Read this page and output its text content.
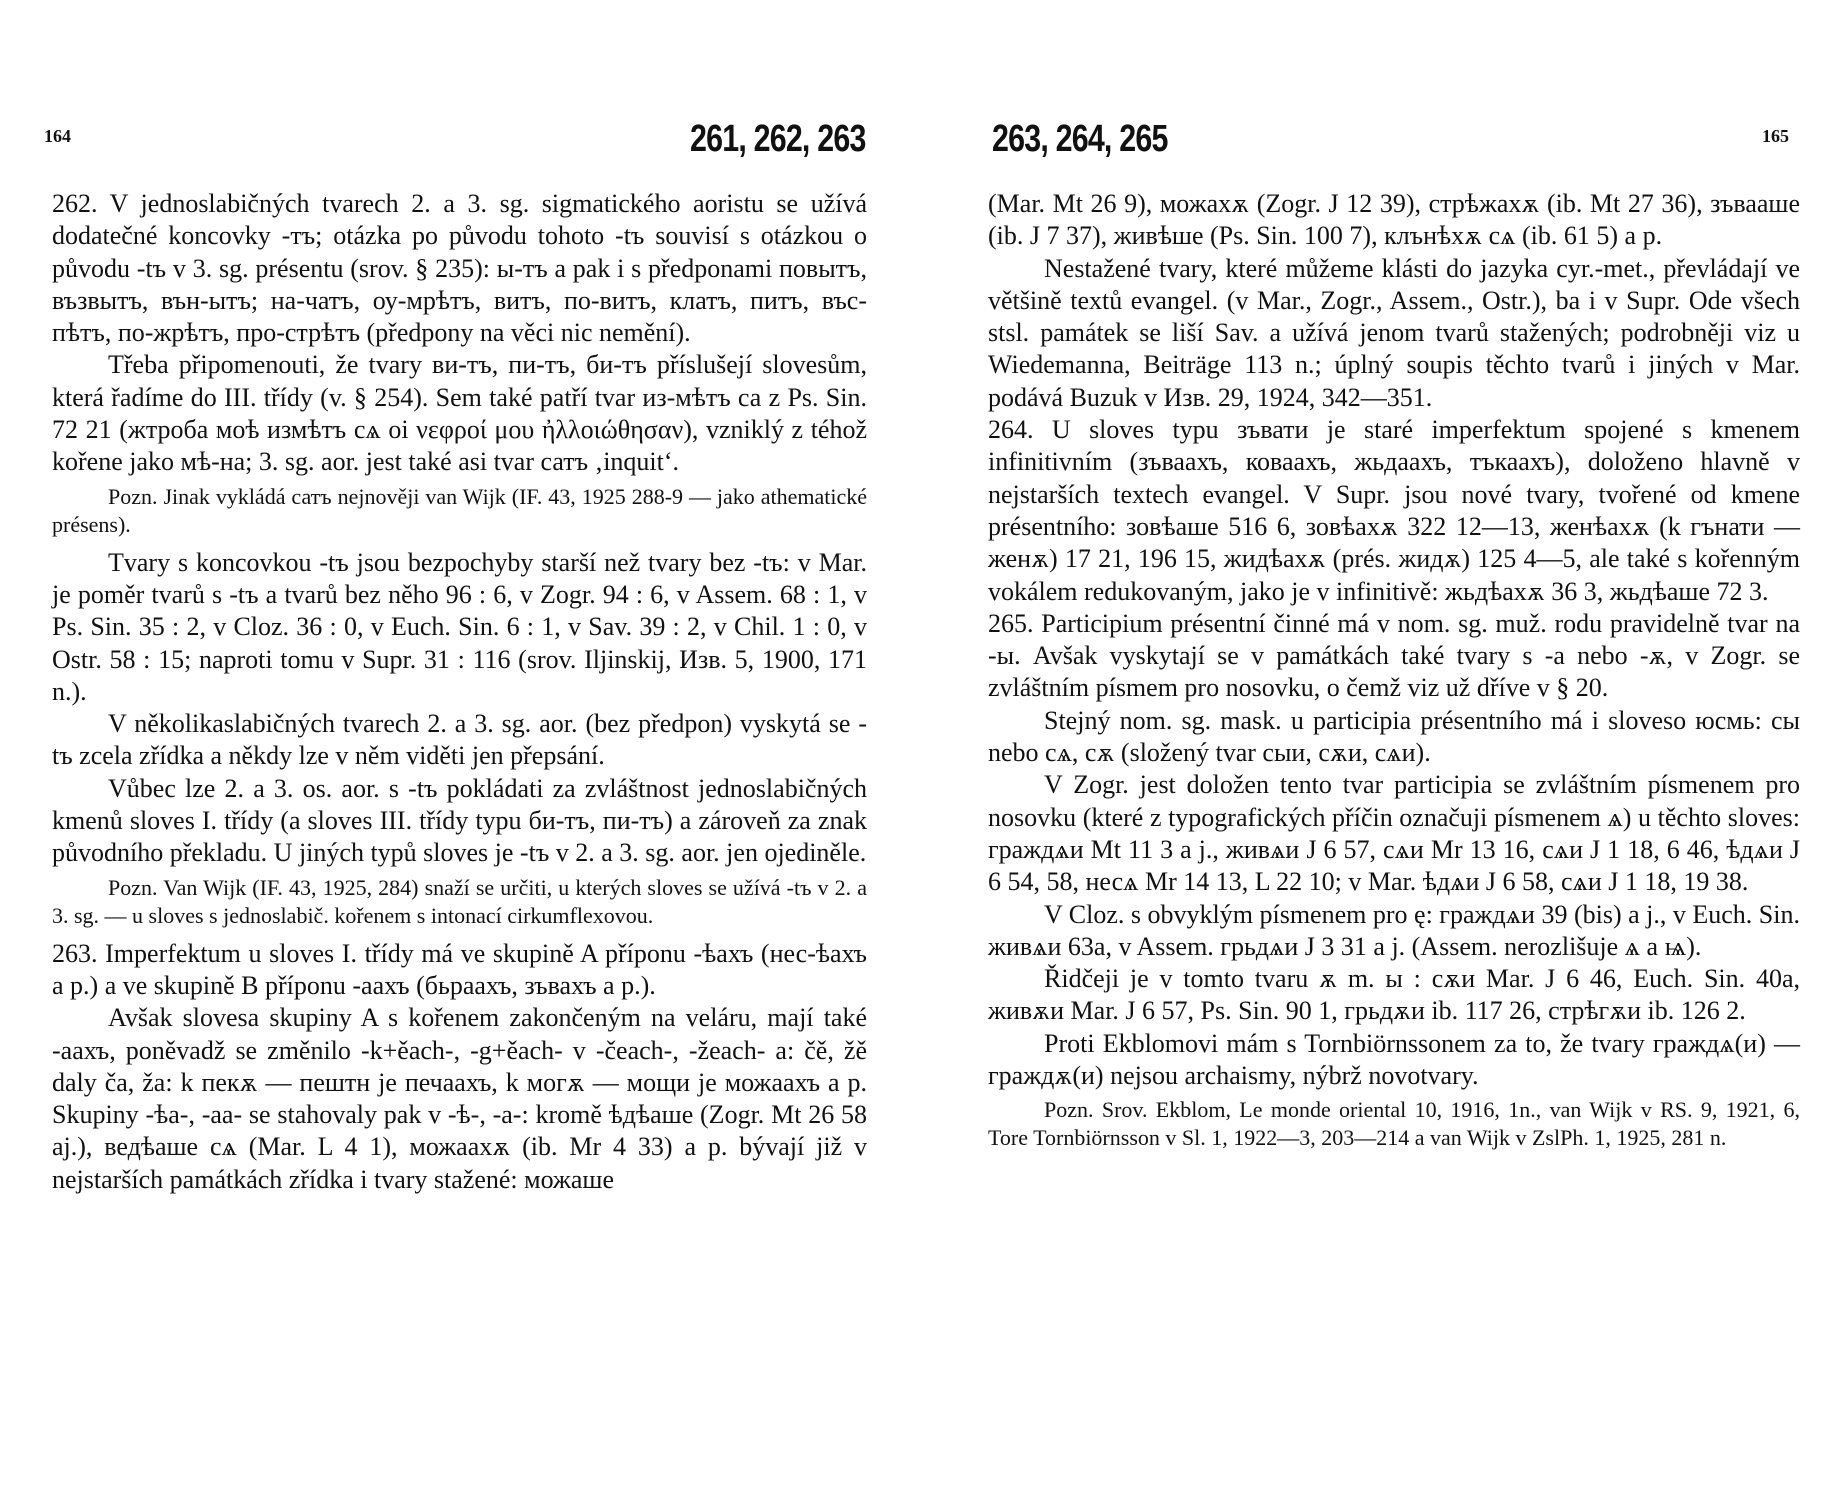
164	261, 262, 263

262. V jednoslabičných tvarech 2. a 3. sg. sigmatického aoristu se užívá dodatečné koncovky -тъ; otázka po původu tohoto -tъ souvisí s otázkou o původu -tъ v 3. sg. présentu (srov. § 235): ы-тъ a pak i s předponami повытъ, възвытъ, вън-ытъ; на-чатъ, оу-мрѣтъ, витъ, по-витъ, клатъ, питъ, въс-пѣтъ, по-жрѣтъ, про-стрѣтъ (předpony na věci nic nemění).

Třeba připomenouti, že tvary ви-тъ, пи-тъ, би-тъ příslušejí slovesům, která řadíme do III. třídy (v. § 254). Sem také patří tvar из-мѣтъ са z Ps. Sin. 72 21 (жтроба моѣ измѣтъ сѧ oi νεφροί μου ἠλλοιώθησαν), vzniklý z téhož kořene jako мѣ-на; 3. sg. aor. jest také asi tvar сатъ ‚inquit‘.

Pozn. Jinak vykládá сатъ nejnověji van Wijk (IF. 43, 1925 288-9 — jako athematické présens).

Tvary s koncovkou -tъ jsou bezpochyby starší než tvary bez -tъ: v Mar. je poměr tvarů s -tъ a tvarů bez něho 96 : 6, v Zogr. 94 : 6, v Assem. 68 : 1, v Ps. Sin. 35 : 2, v Cloz. 36 : 0, v Euch. Sin. 6 : 1, v Sav. 39 : 2, v Chil. 1 : 0, v Ostr. 58 : 15; naproti tomu v Supr. 31 : 116 (srov. Iljinskij, Изв. 5, 1900, 171 n.).

V několikaslabičných tvarech 2. a 3. sg. aor. (bez předpon) vyskytá se -tъ zcela zřídka a někdy lze v něm viděti jen přepsání.

Vůbec lze 2. a 3. os. aor. s -tъ pokládati za zvláštnost jednoslabičných kmenů sloves I. třídy (a sloves III. třídy typu би-тъ, пи-тъ) a zároveň za znak původního překladu. U jiných typů sloves je -tъ v 2. a 3. sg. aor. jen ojediněle.

Pozn. Van Wijk (IF. 43, 1925, 284) snaží se určiti, u kterých sloves se užívá -tъ v 2. a 3. sg. — u sloves s jednoslabič. kořenem s intonací cirkumflexovou.

263. Imperfektum u sloves I. třídy má ve skupině A příponu -ѣахъ (нес-ѣахъ a p.) a ve skupině B příponu -аахъ (бьраахъ, зъвахъ a p.).

Avšak slovesa skupiny A s kořenem zakončeným na veláru, mají také -аахъ, poněvadž se změnilo -k+ěach-, -g+ěach- v -čeach-, -žeach- a: čě, žě daly ča, ža: k пекѫ — пештн je печаахъ, k могѫ — мощи je можаахъ a p. Skupiny -ѣа-, -аа- se stahovaly pak v -ѣ-, -а-: kromě ѣдѣаше (Zogr. Mt 26 58 aj.), ведѣаше сѧ (Mar. L 4 1), можаахѫ (ib. Mr 4 33) a p. bývají již v nejstarších památkách zřídka i tvary stažené: можаше

263, 264, 265	165

(Mar. Mt 26 9), можахѫ (Zogr. J 12 39), стрѣжахѫ (ib. Mt 27 36), зъвааше (ib. J 7 37), живѣше (Ps. Sin. 100 7), клънѣхѫ сѧ (ib. 61 5) a p.

Nestažené tvary, které můžeme klásti do jazyka cyr.-met., převládají ve většině textů evangel. (v Mar., Zogr., Assem., Ostr.), ba i v Supr. Ode všech stsl. památek se liší Sav. a užívá jenom tvarů stažených; podrobněji viz u Wiedemanna, Beiträge 113 n.; úplný soupis těchto tvarů i jiných v Mar. podává Buzuk v Изв. 29, 1924, 342—351.

264. U sloves typu зъвати je staré imperfektum spojené s kmenem infinitivním (зъваахъ, коваахъ, жьдаахъ, тъкаахъ), doloženo hlavně v nejstarších textech evangel. V Supr. jsou nové tvary, tvořené od kmene présentního: зовѣаше 516 6, зовѣахѫ 322 12—13, женѣахѫ (k гънати — женѫ) 17 21, 196 15, жидѣахѫ (prés. жидѫ) 125 4—5, ale také s kořenným vokálem redukovaným, jako je v infinitivě: жьдѣахѫ 36 3, жьдѣаше 72 3.

265. Participium présentní činné má v nom. sg. muž. rodu pravidelně tvar na -ы. Avšak vyskytají se v památkách také tvary s -а nebo -ѫ, v Zogr. se zvláštním písmem pro nosovku, o čemž viz už dříve v § 20.

Stejný nom. sg. mask. u participia présentního má i sloveso юсмь: сы nebo сѧ, сѫ (složený tvar сыи, сѫи, сѧи).

V Zogr. jest doložen tento tvar participia se zvláštním písmenem pro nosovku (které z typografických příčin označuji písmenem ѧ) u těchto sloves: граждѧи Mt 11 3 a j., живѧи J 6 57, сѧи Mr 13 16, сѧи J 1 18, 6 46, ѣдѧи J 6 54, 58, несѧ Mr 14 13, L 22 10; v Mar. ѣдѧи J 6 58, сѧи J 1 18, 19 38.

V Cloz. s obvyklým písmenem pro ę: граждѧи 39 (bis) a j., v Euch. Sin. живѧи 63a, v Assem. грьдѧи J 3 31 a j. (Assem. nerozlišuje ѧ a ѩ).

Řidčeji je v tomto tvaru ѫ m. ы : сѫи Mar. J 6 46, Euch. Sin. 40a, живѫи Mar. J 6 57, Ps. Sin. 90 1, грьдѫи ib. 117 26, стрѣгѫи ib. 126 2.

Proti Ekblomovi mám s Tornbiörnssonem za to, že tvary граждѧ(и) — граждѫ(и) nejsou archaismy, nýbrž novotvary.

Pozn. Srov. Ekblom, Le monde oriental 10, 1916, 1n., van Wijk v RS. 9, 1921, 6, Tore Tornbiörnsson v Sl. 1, 1922—3, 203—214 a van Wijk v ZslPh. 1, 1925, 281 n.
